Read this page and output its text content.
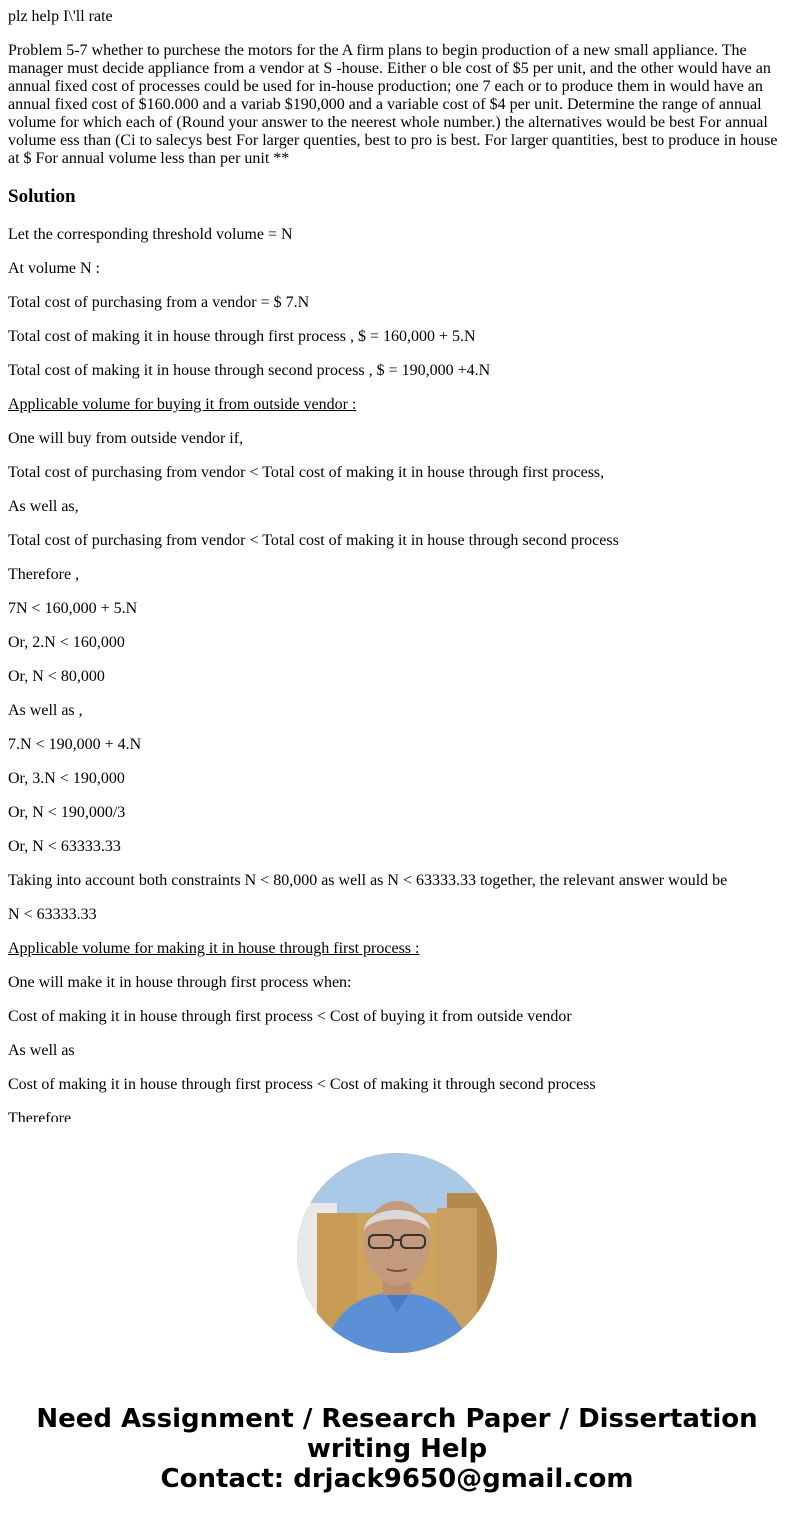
plz help I\'ll rate

Problem 5-7 whether to purchese the motors for the A firm plans to begin production of a new small appliance. The manager must decide appliance from a vendor at S -house. Either o ble cost of $5 per unit, and the other would have an annual fixed cost of processes could be used for in-house production; one 7 each or to produce them in would have an annual fixed cost of $160.000 and a variab $190,000 and a variable cost of $4 per unit. Determine the range of annual volume for which each of (Round your answer to the neerest whole number.) the alternatives would be best For annual volume ess than (Ci to salecys best For larger quenties, best to pro is best. For larger quantities, best to produce in house at $ For annual volume less than per unit **

Solution

Let the corresponding threshold volume = N

At volume N :

Total cost of purchasing from a vendor = $ 7.N

Total cost of making it in house through first process , $ = 160,000 + 5.N

Total cost of making it in house through second process , $ = 190,000 +4.N

Applicable volume for buying it from outside vendor :

One will buy from outside vendor if,

Total cost of purchasing from vendor < Total cost of making it in house through first process,

As well as,

Total cost of purchasing from vendor < Total cost of making it in house through second process

Therefore ,

7N < 160,000 + 5.N

Or, 2.N < 160,000

Or, N < 80,000

As well as ,

7.N < 190,000 + 4.N

Or, 3.N < 190,000

Or, N < 190,000/3

Or, N < 63333.33

Taking into account both constraints N < 80,000 as well as N < 63333.33 together, the relevant answer would be

N < 63333.33

Applicable volume for making it in house through first process :

One will make it in house through first process when:

Cost of making it in house through first process < Cost of buying it from outside vendor

As well as

Cost of making it in house through first process < Cost of making it through second process

Therefore

Need Assignment / Research Paper / Dissertation
writing Help
Contact: drjack9650@gmail.com
